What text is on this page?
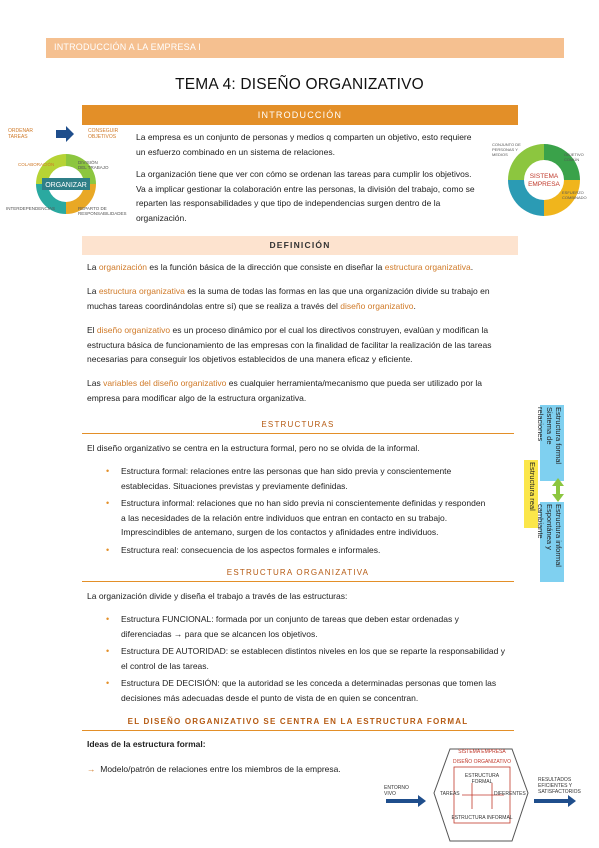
INTRODUCCIÓN A LA EMPRESA I
TEMA 4: DISEÑO ORGANIZATIVO
INTRODUCCIÓN
ORGANIZAR
ORDENAR
TAREAS
CONSEGUIR
OBJETIVOS
COLABORACIÓN	DIVISIÓN
DEL TRABAJO
INTERDEPENDENCIAS	REPARTO DE
RESPONSABILIDADES
La empresa es un conjunto de personas y medios q comparten un objetivo, esto requiere un esfuerzo combinado en un sistema de relaciones.
La organización tiene que ver con cómo se ordenan las tareas para cumplir los objetivos. Va a implicar gestionar la colaboración entre las personas, la división del trabajo, como se reparten las responsabilidades y que tipo de independencias surgen dentro de la organización.
SISTEMA
EMPRESA
CONJUNTO DE PERSONAS Y MEDIOS	OBJETIVO COMÚN
ESFUERZO COMBINADO
DEFINICIÓN
La organización es la función básica de la dirección que consiste en diseñar la estructura organizativa.
La estructura organizativa es la suma de todas las formas en las que una organización divide su trabajo en muchas tareas coordinándolas entre sí) que se realiza a través del diseño organizativo.
El diseño organizativo es un proceso dinámico por el cual los directivos construyen, evalúan y modifican la estructura básica de funcionamiento de las empresas con la finalidad de facilitar la realización de las tareas necesarias para conseguir los objetivos establecidos de una manera eficaz y eficiente.
Las variables del diseño organizativo es cualquier herramienta/mecanismo que pueda ser utilizado por la empresa para modificar algo de la estructura organizativa.
ESTRUCTURAS
El diseño organizativo se centra en la estructura formal, pero no se olvida de la informal.
• Estructura formal: relaciones entre las personas que han sido previa y conscientemente establecidas. Situaciones previstas y previamente definidas.
• Estructura informal: relaciones que no han sido previa ni conscientemente definidas y responden a las necesidades de la relación entre individuos que entran en contacto en su trabajo. Imprescindibles de antemano, surgen de los contactos y afinidades entre individuos.
• Estructura real: consecuencia de los aspectos formales e informales.
Estructura formal
Sistema de relaciones
Estructura real
Estructura informal
Espontánea y cambiante
ESTRUCTURA ORGANIZATIVA
La organización divide y diseña el trabajo a través de las estructuras:
• Estructura FUNCIONAL: formada por un conjunto de tareas que deben estar ordenadas y diferenciadas → para que se alcancen los objetivos.
• Estructura DE AUTORIDAD: se establecen distintos niveles en los que se reparte la responsabilidad y el control de las tareas.
• Estructura DE DECISIÓN: que la autoridad se les conceda a determinadas personas que tomen las decisiones más adecuadas desde el punto de vista de en quien se concentran.
EL DISEÑO ORGANIZATIVO SE CENTRA EN LA ESTRUCTURA FORMAL
Ideas de la estructura formal:
→ Modelo/patrón de relaciones entre los miembros de la empresa.
SISTEMA EMPRESA
DISEÑO ORGANIZATIVO
ESTRUCTURA FORMAL
TAREAS	DIFERENTES
ESTRUCTURA INFORMAL
ENTORNO VIVO
RESULTADOS EFICIENTES Y SATISFACTORIOS
